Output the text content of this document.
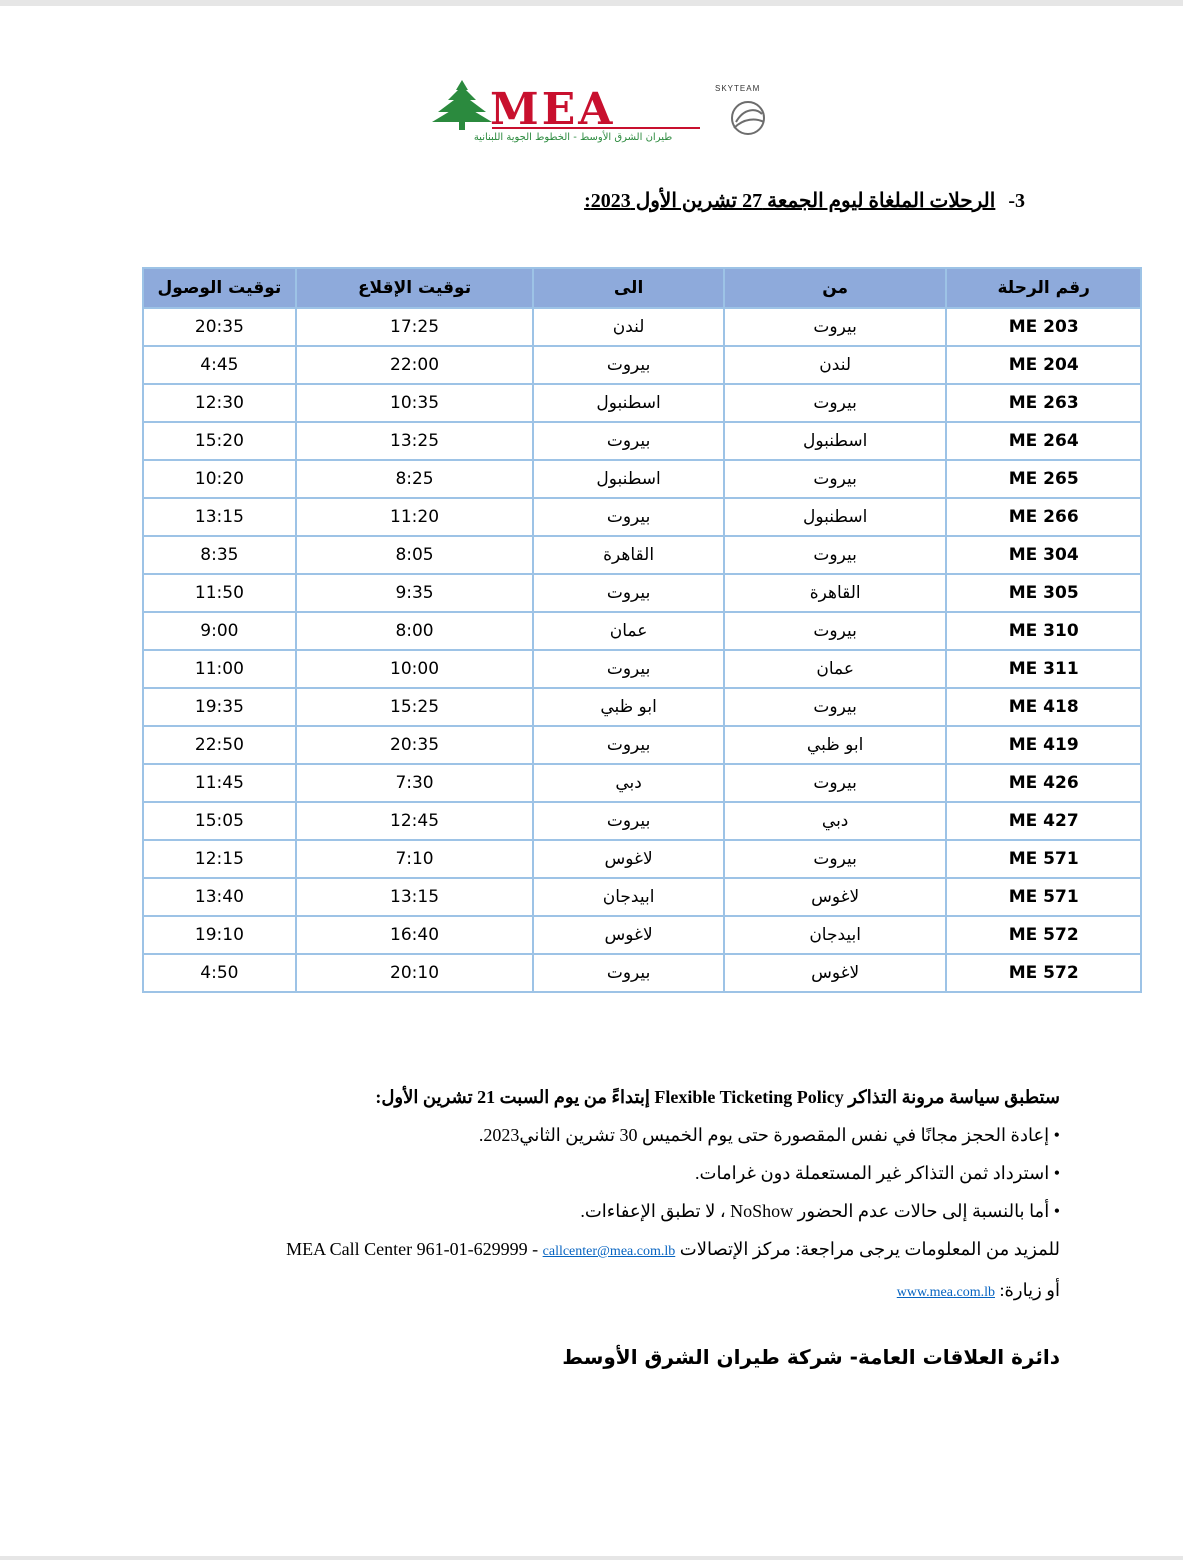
MEA
طيران الشرق الأوسط - الخطوط الجوية اللبنانية
SKYTEAM
3- الرحلات الملغاة ليوم الجمعة 27 تشرين الأول 2023:
رقم الرحلة	من	الى	توقيت الإقلاع	توقيت الوصول
ME 203	بيروت	لندن	17:25	20:35
ME 204	لندن	بيروت	22:00	4:45
ME 263	بيروت	اسطنبول	10:35	12:30
ME 264	اسطنبول	بيروت	13:25	15:20
ME 265	بيروت	اسطنبول	8:25	10:20
ME 266	اسطنبول	بيروت	11:20	13:15
ME 304	بيروت	القاهرة	8:05	8:35
ME 305	القاهرة	بيروت	9:35	11:50
ME 310	بيروت	عمان	8:00	9:00
ME 311	عمان	بيروت	10:00	11:00
ME 418	بيروت	ابو ظبي	15:25	19:35
ME 419	ابو ظبي	بيروت	20:35	22:50
ME 426	بيروت	دبي	7:30	11:45
ME 427	دبي	بيروت	12:45	15:05
ME 571	بيروت	لاغوس	7:10	12:15
ME 571	لاغوس	ابيدجان	13:15	13:40
ME 572	ابيدجان	لاغوس	16:40	19:10
ME 572	لاغوس	بيروت	20:10	4:50
ستطبق سياسة مرونة التذاكر Flexible Ticketing Policy إبتداءً من يوم السبت 21 تشرين الأول:
• إعادة الحجز مجانًا في نفس المقصورة حتى يوم الخميس 30 تشرين الثاني2023.
• استرداد ثمن التذاكر غير المستعملة دون غرامات.
• أما بالنسبة إلى حالات عدم الحضور NoShow ، لا تطبق الإعفاءات.
للمزيد من المعلومات يرجى مراجعة: مركز الإتصالات MEA Call Center 961-01-629999 - callcenter@mea.com.lb
أو زيارة: www.mea.com.lb
دائرة العلاقات العامة- شركة طيران الشرق الأوسط
